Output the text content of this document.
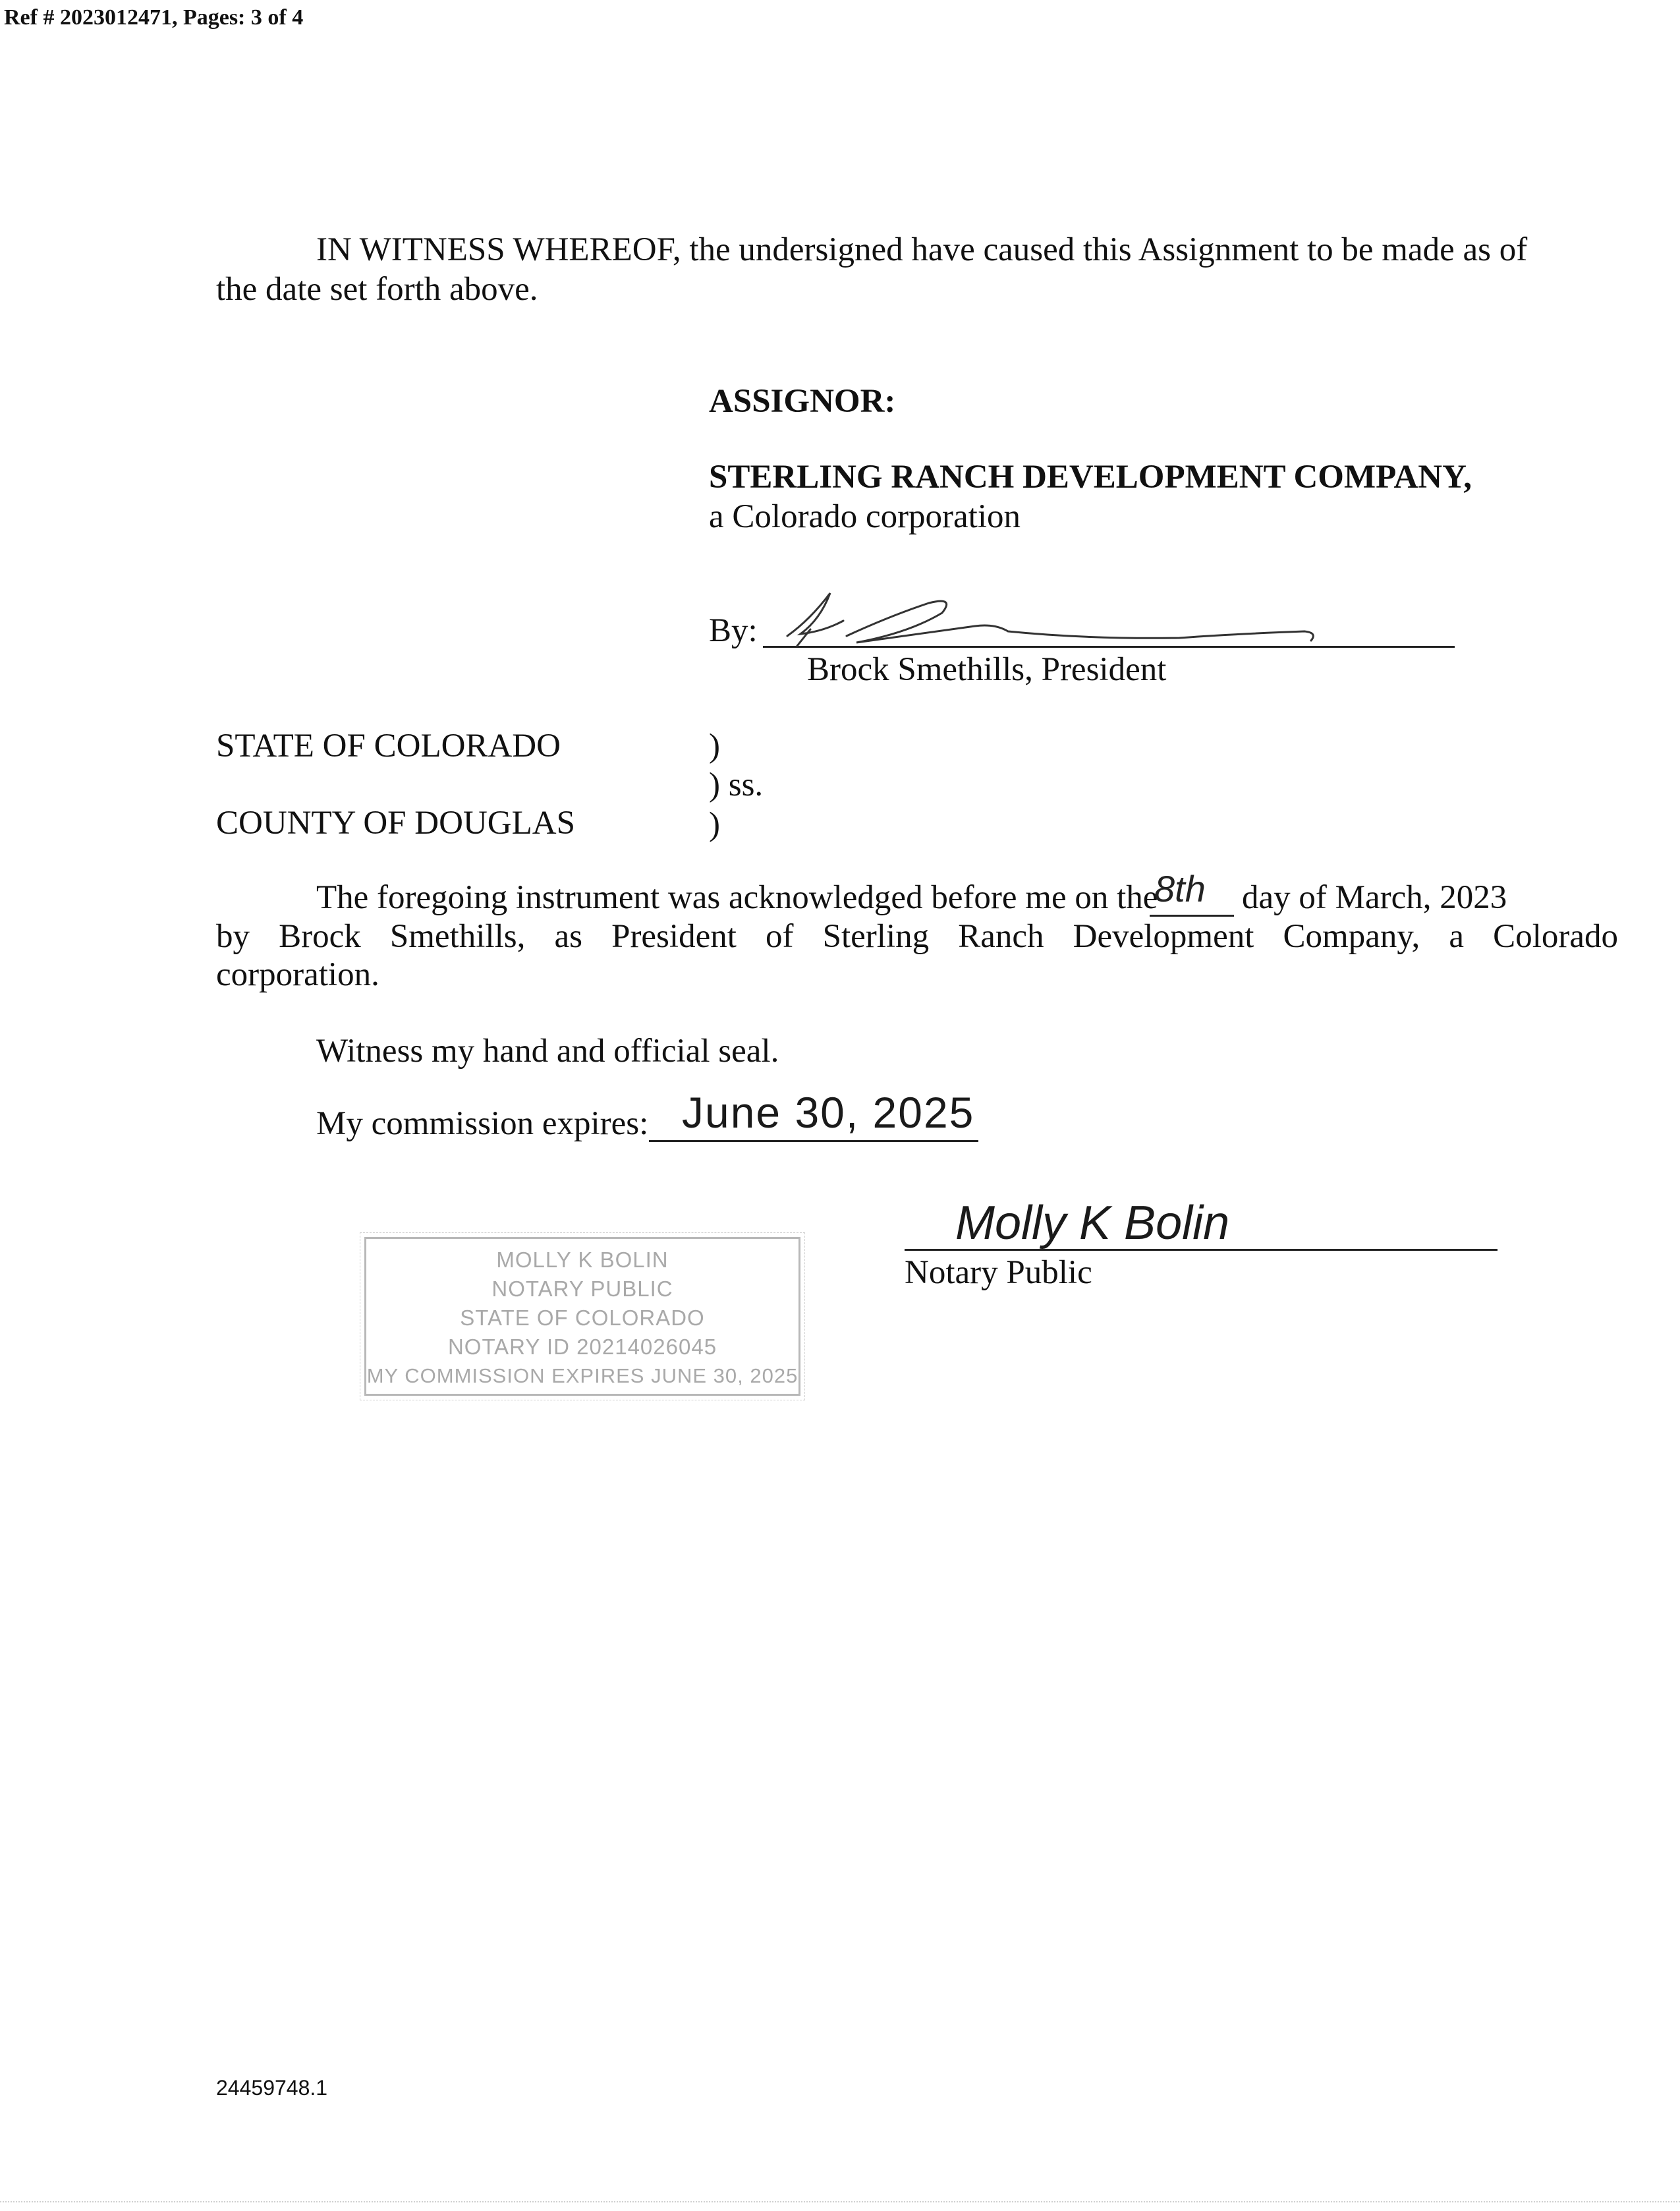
Ref # 2023012471, Pages: 3 of 4
IN WITNESS WHEREOF, the undersigned have caused this Assignment to be made as of
the date set forth above.
ASSIGNOR:
STERLING RANCH DEVELOPMENT COMPANY,
a Colorado corporation
By:
Brock Smethills, President
STATE OF COLORADO
COUNTY OF DOUGLAS
)
) ss.
)
The foregoing instrument was acknowledged before me on the
8th day of March, 2023
by Brock Smethills, as President of Sterling Ranch Development Company, a Colorado
corporation.
Witness my hand and official seal.
My commission expires: June 30, 2025
Molly K Bolin
Notary Public
MOLLY K BOLIN
NOTARY PUBLIC
STATE OF COLORADO
NOTARY ID 20214026045
MY COMMISSION EXPIRES JUNE 30, 2025
24459748.1
